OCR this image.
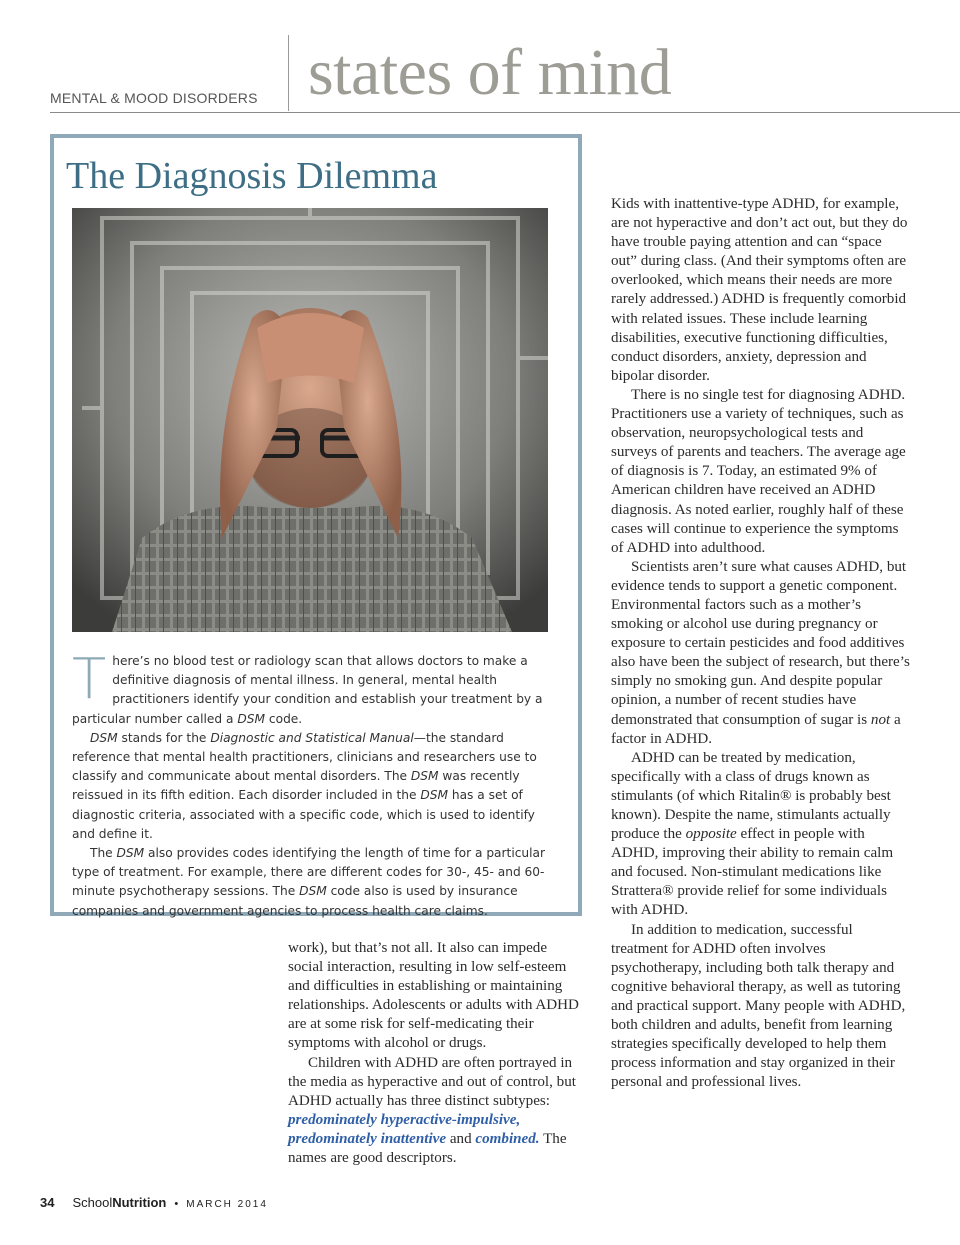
MENTAL & MOOD DISORDERS states of mind
The Diagnosis Dilemma

There’s no blood test or radiology scan that allows doctors to make a definitive diagnosis of mental illness. In general, mental health practitioners identify your condition and establish your treatment by a particular number called a DSM code.

DSM stands for the Diagnostic and Statistical Manual—the standard reference that mental health practitioners, clinicians and researchers use to classify and communicate about mental disorders. The DSM was recently reissued in its fifth edition. Each disorder included in the DSM has a set of diagnostic criteria, associated with a specific code, which is used to identify and define it.

The DSM also provides codes identifying the length of time for a particular type of treatment. For example, there are different codes for 30-, 45- and 60-minute psychotherapy sessions. The DSM code also is used by insurance companies and government agencies to process health care claims.

work), but that’s not all. It also can impede social interaction, resulting in low self-esteem and difficulties in establishing or maintaining relationships. Adolescents or adults with ADHD are at some risk for self-medicating their symptoms with alcohol or drugs.

Children with ADHD are often portrayed in the media as hyperactive and out of control, but ADHD actually has three distinct subtypes: predominately hyperactive-impulsive, predominately inattentive and combined. The names are good descriptors.

Kids with inattentive-type ADHD, for example, are not hyperactive and don’t act out, but they do have trouble paying attention and can “space out” during class. (And their symptoms often are overlooked, which means their needs are more rarely addressed.) ADHD is frequently comorbid with related issues. These include learning disabilities, executive functioning difficulties, conduct disorders, anxiety, depression and bipolar disorder.

There is no single test for diagnosing ADHD. Practitioners use a variety of techniques, such as observation, neuropsychological tests and surveys of parents and teachers. The average age of diagnosis is 7. Today, an estimated 9% of American children have received an ADHD diagnosis. As noted earlier, roughly half of these cases will continue to experience the symptoms of ADHD into adulthood.

Scientists aren’t sure what causes ADHD, but evidence tends to support a genetic component. Environmental factors such as a mother’s smoking or alcohol use during pregnancy or exposure to certain pesticides and food additives also have been the subject of research, but there’s simply no smoking gun. And despite popular opinion, a number of recent studies have demonstrated that consumption of sugar is not a factor in ADHD.

ADHD can be treated by medication, specifically with a class of drugs known as stimulants (of which Ritalin® is probably best known). Despite the name, stimulants actually produce the opposite effect in people with ADHD, improving their ability to remain calm and focused. Non-stimulant medications like Strattera® provide relief for some individuals with ADHD.

In addition to medication, successful treatment for ADHD often involves psychotherapy, including both talk therapy and cognitive behavioral therapy, as well as tutoring and practical support. Many people with ADHD, both children and adults, benefit from learning strategies specifically developed to help them process information and stay organized in their personal and professional lives.

34 SchoolNutrition • MARCH 2014
